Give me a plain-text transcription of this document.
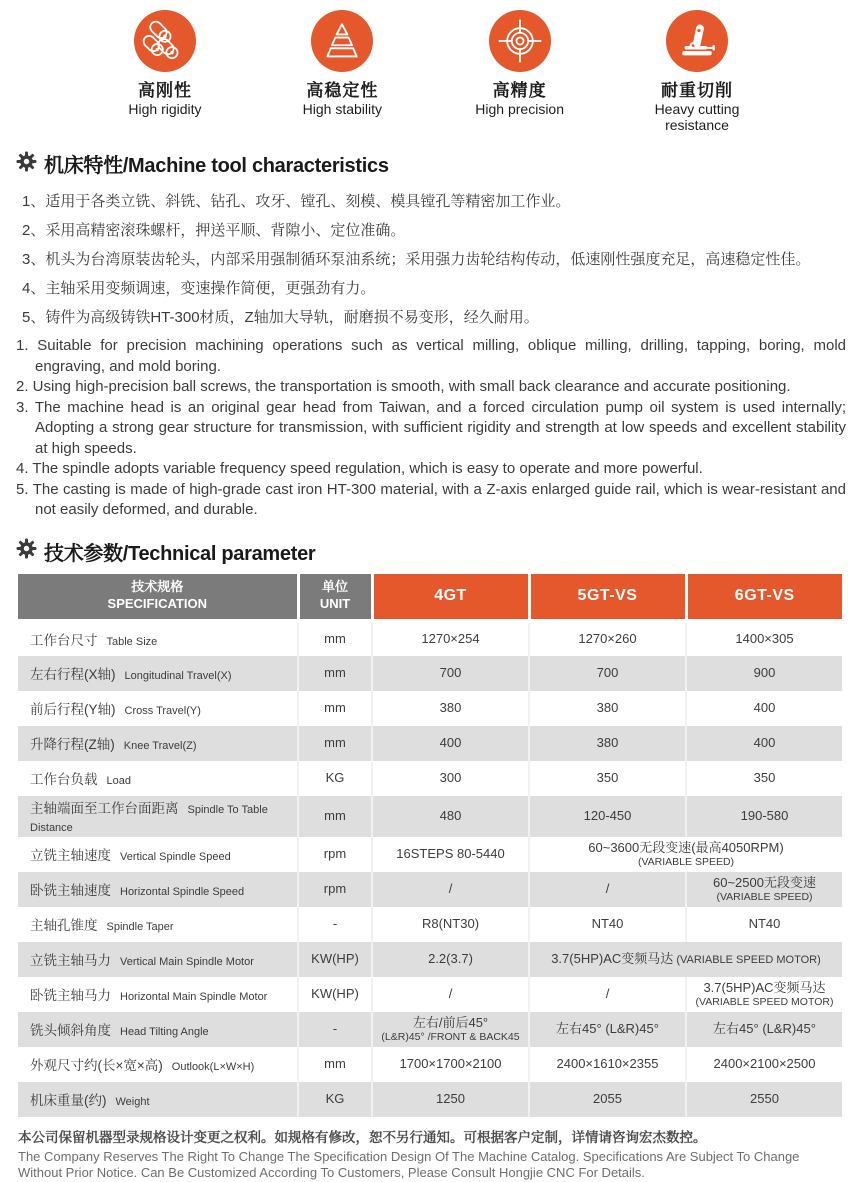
高刚性
High rigidity
高稳定性
High stability
高精度
High precision
耐重切削
Heavy cutting resistance
机床特性/Machine tool characteristics
1、适用于各类立铣、斜铣、钻孔、攻牙、镗孔、刻模、模具镗孔等精密加工作业。
2、采用高精密滚珠螺杆，押送平顺、背隙小、定位准确。
3、机头为台湾原装齿轮头，内部采用强制循环泵油系统；采用强力齿轮结构传动，低速刚性强度充足，高速稳定性佳。
4、主轴采用变频调速，变速操作简便，更强劲有力。
5、铸件为高级铸铁HT-300材质，Z轴加大导轨，耐磨损不易变形，经久耐用。
1. Suitable for precision machining operations such as vertical milling, oblique milling, drilling, tapping, boring, mold engraving, and mold boring.
2. Using high-precision ball screws, the transportation is smooth, with small back clearance and accurate positioning.
3. The machine head is an original gear head from Taiwan, and a forced circulation pump oil system is used internally; Adopting a strong gear structure for transmission, with sufficient rigidity and strength at low speeds and excellent stability at high speeds.
4. The spindle adopts variable frequency speed regulation, which is easy to operate and more powerful.
5. The casting is made of high-grade cast iron HT-300 material, with a Z-axis enlarged guide rail, which is wear-resistant and not easily deformed, and durable.
技术参数/Technical parameter
技术规格
SPECIFICATION	单位
UNIT	4GT	5GT-VS	6GT-VS
工作台尺寸 Table Size	mm	1270×254	1270×260	1400×305
左右行程(X轴) Longitudinal Travel(X)	mm	700	700	900
前后行程(Y轴) Cross Travel(Y)	mm	380	380	400
升降行程(Z轴) Knee Travel(Z)	mm	400	380	400
工作台负载 Load	KG	300	350	350
主轴端面至工作台面距离 Spindle To Table Distance	mm	480	120-450	190-580
立铣主轴速度 Vertical Spindle Speed	rpm	16STEPS 80-5440	60~3600无段变速(最高4050RPM)
(VARIABLE SPEED)	

卧铣主轴速度 Horizontal Spindle Speed	rpm	/	/	60~2500无段变速
(VARIABLE SPEED)

主轴孔锥度 Spindle Taper	-	R8(NT30)	NT40	NT40
立铣主轴马力 Vertical Main Spindle Motor	KW(HP)	2.2(3.7)	3.7(5HP)AC变频马达 (VARIABLE SPEED MOTOR)	
卧铣主轴马力 Horizontal Main Spindle Motor	KW(HP)	/	/	3.7(5HP)AC变频马达
(VARIABLE SPEED MOTOR)

铣头倾斜角度 Head Tilting Angle	-	左右/前后45°
(L&R)45° /FRONT & BACK45	左右45° (L&R)45°	左右45° (L&R)45°
外观尺寸约(长×宽×高) Outlook(L×W×H)	mm	1700×1700×2100	2400×1610×2355	2400×2100×2500
机床重量(约) Weight	KG	1250	2055	2550
本公司保留机器型录规格设计变更之权利。如规格有修改，恕不另行通知。可根据客户定制，详情请咨询宏杰数控。
The Company Reserves The Right To Change The Specification Design Of The Machine Catalog. Specifications Are Subject To Change Without Prior Notice. Can Be Customized According To Customers, Please Consult Hongjie CNC For Details.
